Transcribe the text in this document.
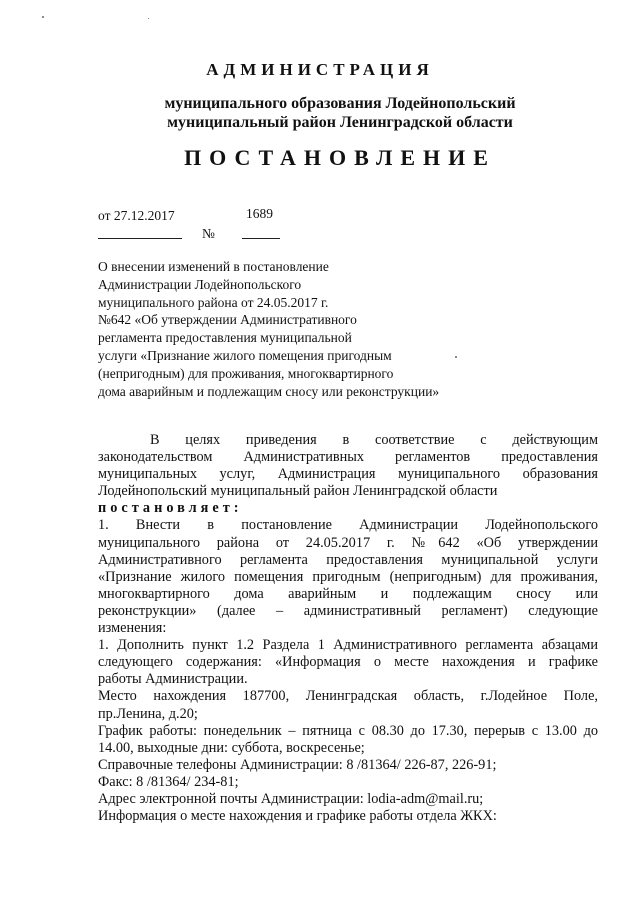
АДМИНИСТРАЦИЯ
муниципального образования Лодейнопольский
муниципальный район Ленинградской области
ПОСТАНОВЛЕНИЕ
от 27.12.2017	1689
№
О внесении изменений в постановление
Администрации Лодейнопольского
муниципального района от 24.05.2017 г.
№642 «Об утверждении Административного
регламента предоставления муниципальной
услуги «Признание жилого помещения пригодным
(непригодным) для проживания, многоквартирного
дома аварийным и подлежащим сносу или реконструкции»
В целях приведения в соответствие с действующим
законодательством Административных регламентов предоставления
муниципальных услуг, Администрация муниципального образования
Лодейнопольский муниципальный район Ленинградской области
постановляет:
1. Внести в постановление Администрации Лодейнопольского
муниципального района от 24.05.2017 г. №642 «Об утверждении
Административного регламента предоставления муниципальной услуги
«Признание жилого помещения пригодным (непригодным) для проживания,
многоквартирного дома аварийным и подлежащим сносу или
реконструкции» (далее – административный регламент) следующие
изменения:
1. Дополнить пункт 1.2 Раздела 1 Административного регламента абзацами
следующего содержания: «Информация о месте нахождения и графике
работы Администрации.
Место нахождения 187700, Ленинградская область, г.Лодейное Поле,
пр.Ленина, д.20;
График работы: понедельник – пятница с 08.30 до 17.30, перерыв с 13.00 до
14.00, выходные дни: суббота, воскресенье;
Справочные телефоны Администрации: 8 /81364/ 226-87, 226-91;
Факс: 8 /81364/ 234-81;
Адрес электронной почты Администрации: lodia-adm@mail.ru;
Информация о месте нахождения и графике работы отдела ЖКХ:
